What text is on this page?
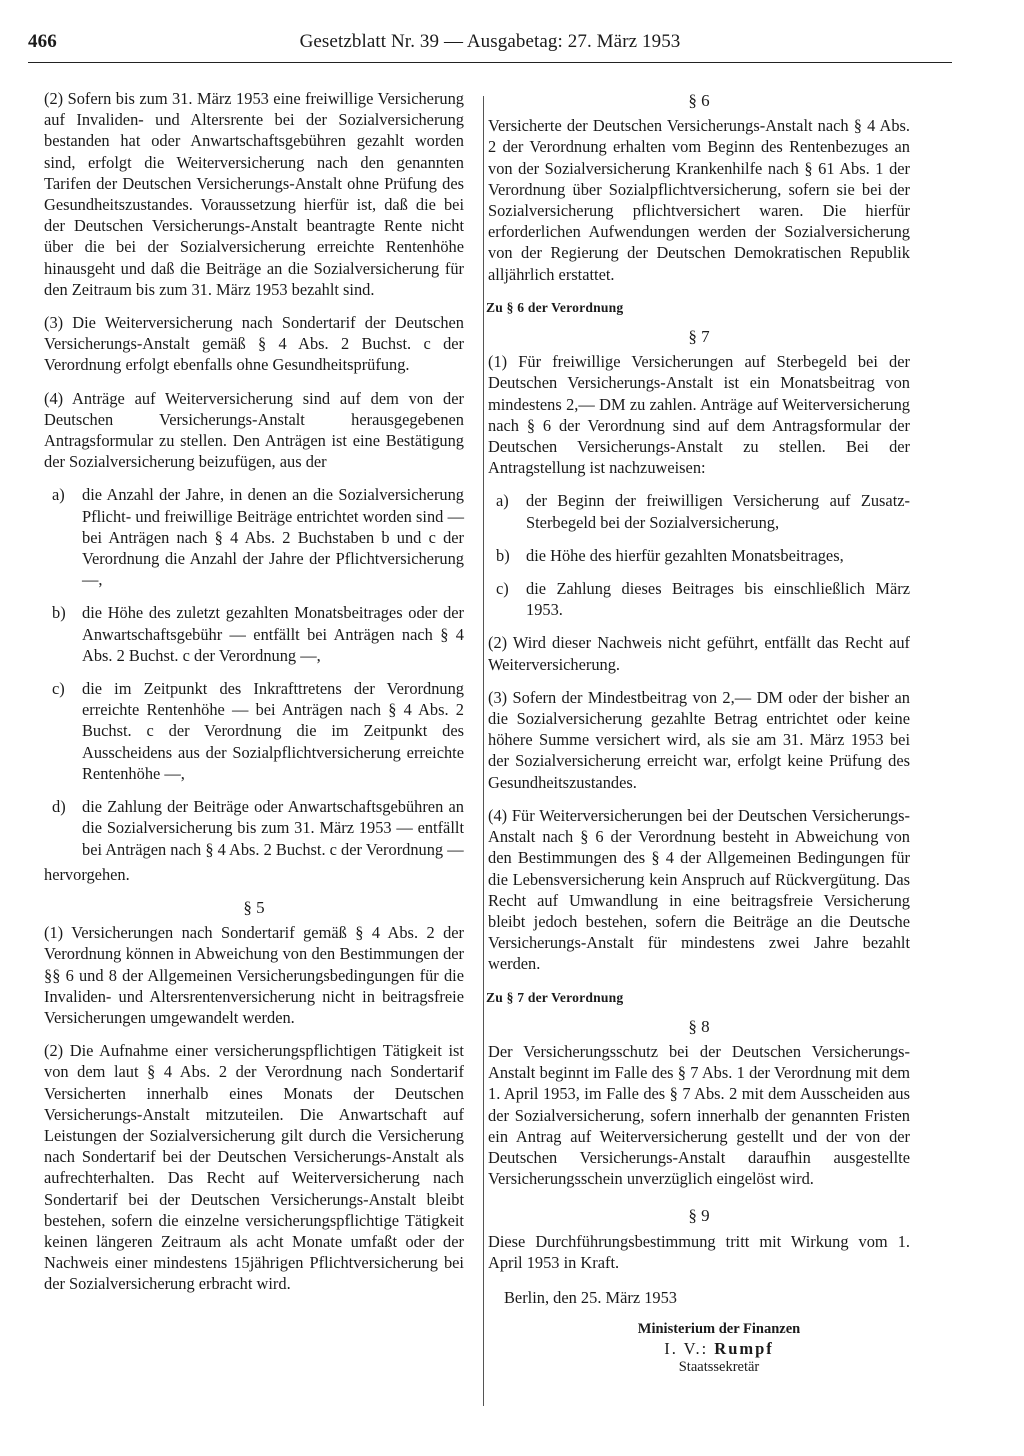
466	Gesetzblatt Nr. 39 — Ausgabetag: 27. März 1953

(2) Sofern bis zum 31. März 1953 eine freiwillige Versicherung auf Invaliden- und Altersrente bei der Sozialversicherung bestanden hat oder Anwartschaftsgebühren gezahlt worden sind, erfolgt die Weiterversicherung nach den genannten Tarifen der Deutschen Versicherungs-Anstalt ohne Prüfung des Gesundheitszustandes. Voraussetzung hierfür ist, daß die bei der Deutschen Versicherungs-Anstalt beantragte Rente nicht über die bei der Sozialversicherung erreichte Rentenhöhe hinausgeht und daß die Beiträge an die Sozialversicherung für den Zeitraum bis zum 31. März 1953 bezahlt sind.

(3) Die Weiterversicherung nach Sondertarif der Deutschen Versicherungs-Anstalt gemäß § 4 Abs. 2 Buchst. c der Verordnung erfolgt ebenfalls ohne Gesundheitsprüfung.

(4) Anträge auf Weiterversicherung sind auf dem von der Deutschen Versicherungs-Anstalt herausgegebenen Antragsformular zu stellen. Den Anträgen ist eine Bestätigung der Sozialversicherung beizufügen, aus der

a)	die Anzahl der Jahre, in denen an die Sozialversicherung Pflicht- und freiwillige Beiträge entrichtet worden sind — bei Anträgen nach § 4 Abs. 2 Buchstaben b und c der Verordnung die Anzahl der Jahre der Pflichtversicherung —,
b) die Höhe des zuletzt gezahlten Monatsbeitrages oder der Anwartschaftsgebühr — entfällt bei Anträgen nach § 4 Abs. 2 Buchst. c der Verordnung —,
c)	die im Zeitpunkt des Inkrafttretens der Verordnung erreichte Rentenhöhe — bei Anträgen nach § 4 Abs. 2 Buchst. c der Verordnung die im Zeitpunkt des Ausscheidens aus der Sozialpflichtversicherung erreichte Rentenhöhe —,
d) die Zahlung der Beiträge oder Anwartschaftsgebühren an die Sozialversicherung bis zum 31. März 1953 — entfällt bei Anträgen nach § 4 Abs. 2 Buchst. c der Verordnung —

hervorgehen.

§ 5

(1) Versicherungen nach Sondertarif gemäß § 4 Abs. 2 der Verordnung können in Abweichung von den Bestimmungen der §§ 6 und 8 der Allgemeinen Versicherungsbedingungen für die Invaliden- und Altersrentenversicherung nicht in beitragsfreie Versicherungen umgewandelt werden.

(2) Die Aufnahme einer versicherungspflichtigen Tätigkeit ist von dem laut § 4 Abs. 2 der Verordnung nach Sondertarif Versicherten innerhalb eines Monats der Deutschen Versicherungs-Anstalt mitzuteilen. Die Anwartschaft auf Leistungen der Sozialversicherung gilt durch die Versicherung nach Sondertarif bei der Deutschen Versicherungs-Anstalt als aufrechterhalten. Das Recht auf Weiterversicherung nach Sondertarif bei der Deutschen Versicherungs-Anstalt bleibt bestehen, sofern die einzelne versicherungspflichtige Tätigkeit keinen längeren Zeitraum als acht Monate umfaßt oder der Nachweis einer mindestens 15jährigen Pflichtversicherung bei der Sozialversicherung erbracht wird.

§ 6

Versicherte der Deutschen Versicherungs-Anstalt nach § 4 Abs. 2 der Verordnung erhalten vom Beginn des Rentenbezuges an von der Sozialversicherung Krankenhilfe nach § 61 Abs. 1 der Verordnung über Sozialpflichtversicherung, sofern sie bei der Sozialversicherung pflichtversichert waren. Die hierfür erforderlichen Aufwendungen werden der Sozialversicherung von der Regierung der Deutschen Demokratischen Republik alljährlich erstattet.

Zu § 6 der Verordnung
§ 7

(1) Für freiwillige Versicherungen auf Sterbegeld bei der Deutschen Versicherungs-Anstalt ist ein Monatsbeitrag von mindestens 2,— DM zu zahlen. Anträge auf Weiterversicherung nach § 6 der Verordnung sind auf dem Antragsformular der Deutschen Versicherungs-Anstalt zu stellen. Bei der Antragstellung ist nachzuweisen:

a)	der Beginn der freiwilligen Versicherung auf Zusatz-Sterbegeld bei der Sozialversicherung,
b) die Höhe des hierfür gezahlten Monatsbeitrages,
c)	die Zahlung dieses Beitrages bis einschließlich März 1953.

(2) Wird dieser Nachweis nicht geführt, entfällt das Recht auf Weiterversicherung.

(3) Sofern der Mindestbeitrag von 2,— DM oder der bisher an die Sozialversicherung gezahlte Betrag entrichtet oder keine höhere Summe versichert wird, als sie am 31. März 1953 bei der Sozialversicherung erreicht war, erfolgt keine Prüfung des Gesundheitszustandes.

(4) Für Weiterversicherungen bei der Deutschen Versicherungs-Anstalt nach § 6 der Verordnung besteht in Abweichung von den Bestimmungen des § 4 der Allgemeinen Bedingungen für die Lebensversicherung kein Anspruch auf Rückvergütung. Das Recht auf Umwandlung in eine beitragsfreie Versicherung bleibt jedoch bestehen, sofern die Beiträge an die Deutsche Versicherungs-Anstalt für mindestens zwei Jahre bezahlt werden.

Zu § 7 der Verordnung
§ 8

Der Versicherungsschutz bei der Deutschen Versicherungs-Anstalt beginnt im Falle des § 7 Abs. 1 der Verordnung mit dem 1. April 1953, im Falle des § 7 Abs. 2 mit dem Ausscheiden aus der Sozialversicherung, sofern innerhalb der genannten Fristen ein Antrag auf Weiterversicherung gestellt und der von der Deutschen Versicherungs-Anstalt daraufhin ausgestellte Versicherungsschein unverzüglich eingelöst wird.

§ 9

Diese Durchführungsbestimmung tritt mit Wirkung vom 1. April 1953 in Kraft.

Berlin, den 25. März 1953

Ministerium der Finanzen
I. V.: Rumpf
Staatssekretär
